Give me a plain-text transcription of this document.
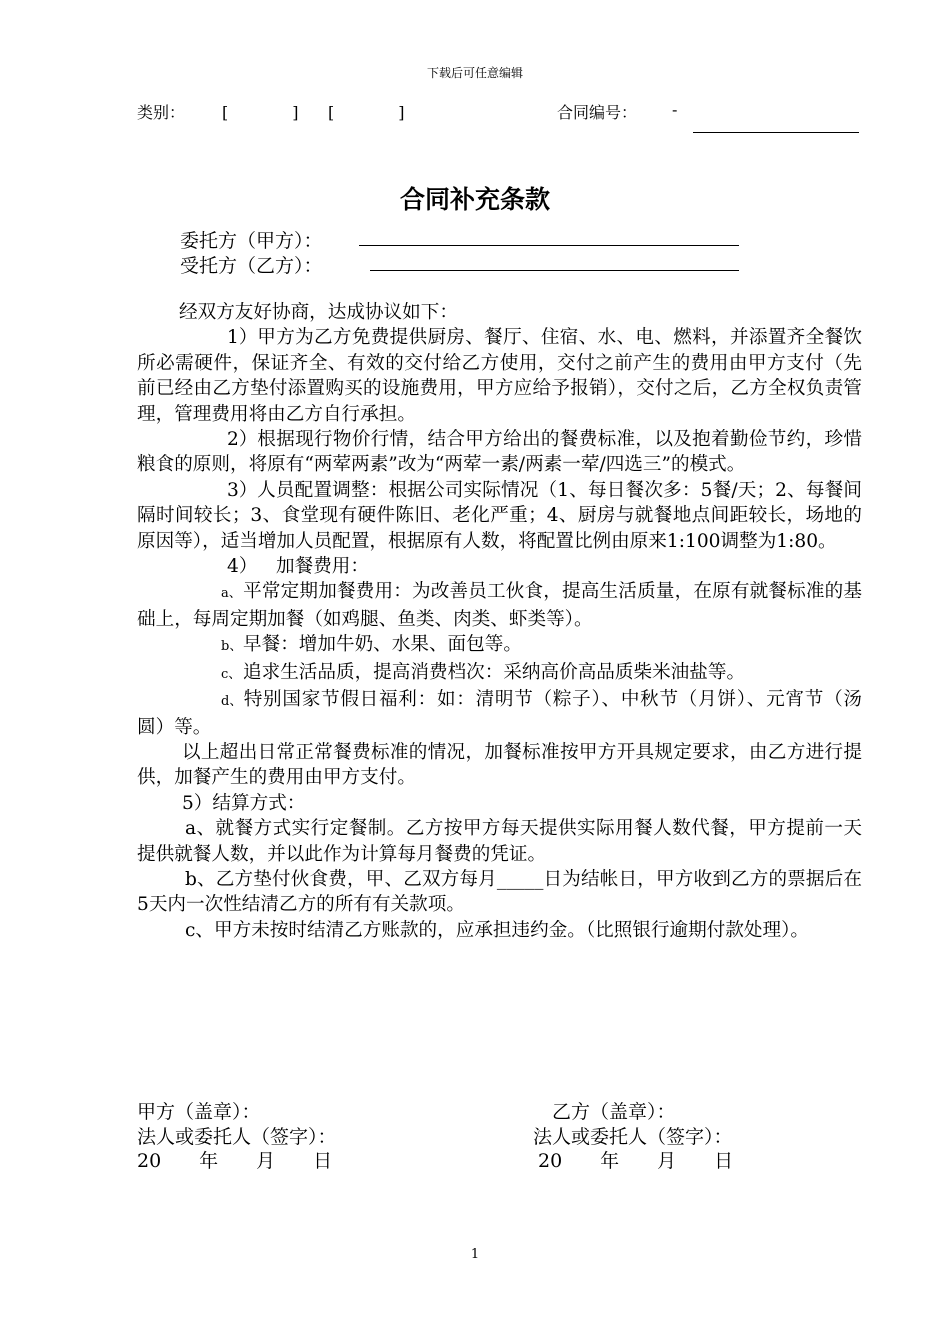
下载后可任意编辑
类别： [　　　　] [　　　　]	合同编号： -
合同补充条款
委托方（甲方）：
受托方（乙方）：

经双方友好协商，达成协议如下：

1）甲方为乙方免费提供厨房、餐厅、住宿、水、电、燃料，并添置齐全餐饮所必需硬件，保证齐全、有效的交付给乙方使用，交付之前产生的费用由甲方支付（先前已经由乙方垫付添置购买的设施费用，甲方应给予报销），交付之后，乙方全权负责管理，管理费用将由乙方自行承担。

2）根据现行物价行情，结合甲方给出的餐费标准，以及抱着勤俭节约，珍惜粮食的原则，将原有“两荤两素”改为“两荤一素/两素一荤/四选三”的模式。

3）人员配置调整：根据公司实际情况（1、每日餐次多：5餐/天；2、每餐间隔时间较长；3、食堂现有硬件陈旧、老化严重；4、厨房与就餐地点间距较长，场地的原因等），适当增加人员配置，根据原有人数，将配置比例由原来1:100调整为1:80。

4） 加餐费用：

a、平常定期加餐费用：为改善员工伙食，提高生活质量，在原有就餐标准的基础上，每周定期加餐（如鸡腿、鱼类、肉类、虾类等）。

b、早餐：增加牛奶、水果、面包等。

c、追求生活品质，提高消费档次：采纳高价高品质柴米油盐等。

d、特别国家节假日福利：如：清明节（粽子）、中秋节（月饼）、元宵节（汤圆）等。

以上超出日常正常餐费标准的情况，加餐标准按甲方开具规定要求，由乙方进行提供，加餐产生的费用由甲方支付。

5）结算方式：

a、就餐方式实行定餐制。乙方按甲方每天提供实际用餐人数代餐，甲方提前一天提供就餐人数，并以此作为计算每月餐费的凭证。

b、乙方垫付伙食费，甲、乙双方每月_____日为结帐日，甲方收到乙方的票据后在5天内一次性结清乙方的所有有关款项。

c、甲方未按时结清乙方账款的，应承担违约金。（比照银行逾期付款处理）。

甲方（盖章）：
法人或委托人（签字）：
20　　年　　月　　日
乙方（盖章）：
法人或委托人（签字）：
20　　年　　月　　日
1
